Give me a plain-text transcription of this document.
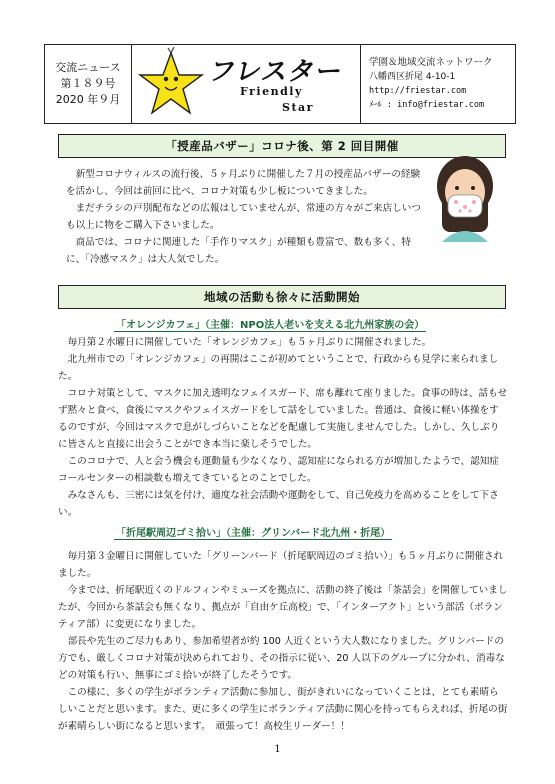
交流ニュース
第１８９号
2020 年９月
フレスター
Friendly
Star
学園＆地域交流ネットワーク
八幡西区折尾 4-10-1
http://friestar.com
ﾒｰﾙ : info@friestar.com
「授産品バザー」コロナ後、第 2 回目開催

新型コロナウィルスの流行後、５ヶ月ぶりに開催した７月の授産品バザーの経験を活かし、今回は前回に比べ、コロナ対策も少し板についてきました。

まだチラシの戸別配布などの広報はしていませんが、常連の方々がご来店しいつも以上に物をご購入下さいました。

商品では、コロナに関連した「手作りマスク」が種類も豊富で、数も多く、特に、「冷感マスク」は大人気でした。

地域の活動も徐々に活動開始
「オレンジカフェ」（主催：NPO法人老いを支える北九州家族の会）

毎月第２水曜日に開催していた「オレンジカフェ」も５ヶ月ぶりに開催されました。

北九州市での「オレンジカフェ」の再開はここが初めてということで、行政からも見学に来られました。

コロナ対策として、マスクに加え透明なフェイスガード、席も離れて座りました。食事の時は、話もせず黙々と食べ、食後にマスクやフェイスガードをして話をしていました。普通は、食後に軽い体操をするのですが、今回はマスクで息がしづらいことなどを配慮して実施しませんでした。しかし、久しぶりに皆さんと直接に出会うことができ本当に楽しそうでした。

このコロナで、人と会う機会も運動量も少なくなり、認知症になられる方が増加したようで、認知症コールセンターの相談数も増えてきているとのことでした。

みなさんも、三密には気を付け、適度な社会活動や運動をして、自己免疫力を高めることをして下さい。

「折尾駅周辺ゴミ拾い」（主催：グリンバード北九州・折尾）

毎月第３金曜日に開催していた「グリーンバード（折尾駅周辺のゴミ拾い）」も５ヶ月ぶりに開催されました。

今までは、折尾駅近くのドルフィンやミューズを拠点に、活動の終了後は「茶話会」を開催していましたが、今回から茶話会も無くなり、拠点が「自由ケ丘高校」で、「インターアクト」という部活（ボランティア部）に変更になりました。

部長や先生のご尽力もあり、参加希望者が約 100 人近くという大人数になりました。グリンバードの方でも、厳しくコロナ対策が決められており、その指示に従い、20 人以下のグループに分かれ、消毒などの対策も行い、無事にゴミ拾いが終了したそうです。

この様に、多くの学生がボランティア活動に参加し、街がきれいになっていくことは、とても素晴らしいことだと思います。また、更に多くの学生にボランティア活動に関心を持ってもらえれば、折尾の街が素晴らしい街になると思います。　頑張って！高校生リーダー！！

1
